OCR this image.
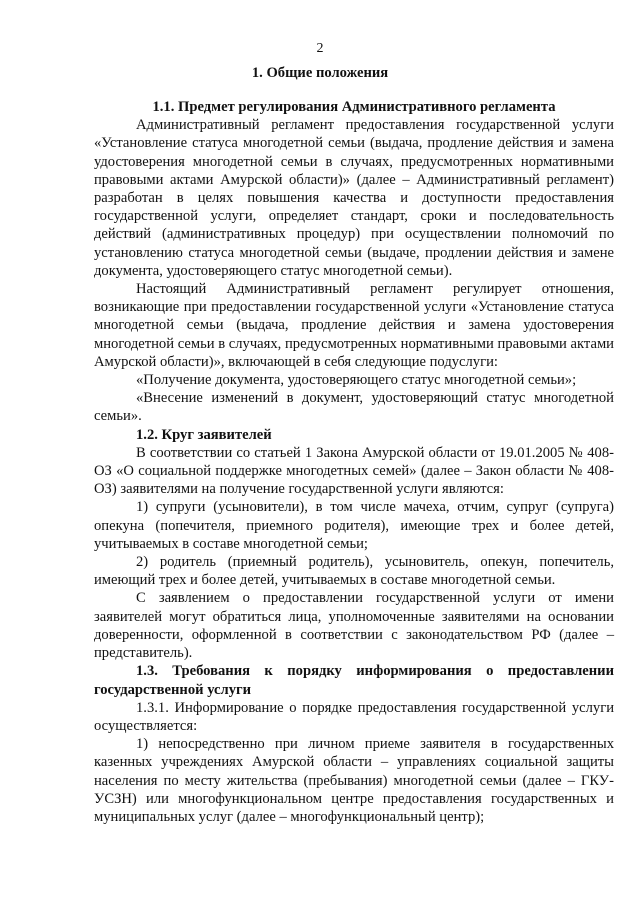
2
1. Общие положения

1.1. Предмет регулирования Административного регламента

Административный регламент предоставления государственной услуги «Установление статуса многодетной семьи (выдача, продление действия и замена удостоверения многодетной семьи в случаях, предусмотренных нормативными правовыми актами Амурской области)» (далее – Административный регламент) разработан в целях повышения качества и доступности предоставления государственной услуги, определяет стандарт, сроки и последовательность действий (административных процедур) при осуществлении полномочий по установлению статуса многодетной семьи (выдаче, продлении действия и замене документа, удостоверяющего статус многодетной семьи).

Настоящий Административный регламент регулирует отношения, возникающие при предоставлении государственной услуги «Установление статуса многодетной семьи (выдача, продление действия и замена удостоверения многодетной семьи в случаях, предусмотренных нормативными правовыми актами Амурской области)», включающей в себя следующие подуслуги:

«Получение документа, удостоверяющего статус многодетной семьи»;

«Внесение изменений в документ, удостоверяющий статус многодетной семьи».

1.2. Круг заявителей

В соответствии со статьей 1 Закона Амурской области от 19.01.2005 № 408-ОЗ «О социальной поддержке многодетных семей» (далее – Закон области № 408-ОЗ) заявителями на получение государственной услуги являются:

1) супруги (усыновители), в том числе мачеха, отчим, супруг (супруга) опекуна (попечителя, приемного родителя), имеющие трех и более детей, учитываемых в составе многодетной семьи;

2) родитель (приемный родитель), усыновитель, опекун, попечитель, имеющий трех и более детей, учитываемых в составе многодетной семьи.

С заявлением о предоставлении государственной услуги от имени заявителей могут обратиться лица, уполномоченные заявителями на основании доверенности, оформленной в соответствии с законодательством РФ (далее – представитель).

1.3. Требования к порядку информирования о предоставлении государственной услуги

1.3.1. Информирование о порядке предоставления государственной услуги осуществляется:

1) непосредственно при личном приеме заявителя в государственных казенных учреждениях Амурской области – управлениях социальной защиты населения по месту жительства (пребывания) многодетной семьи (далее – ГКУ-УСЗН) или многофункциональном центре предоставления государственных и муниципальных услуг (далее – многофункциональный центр);
